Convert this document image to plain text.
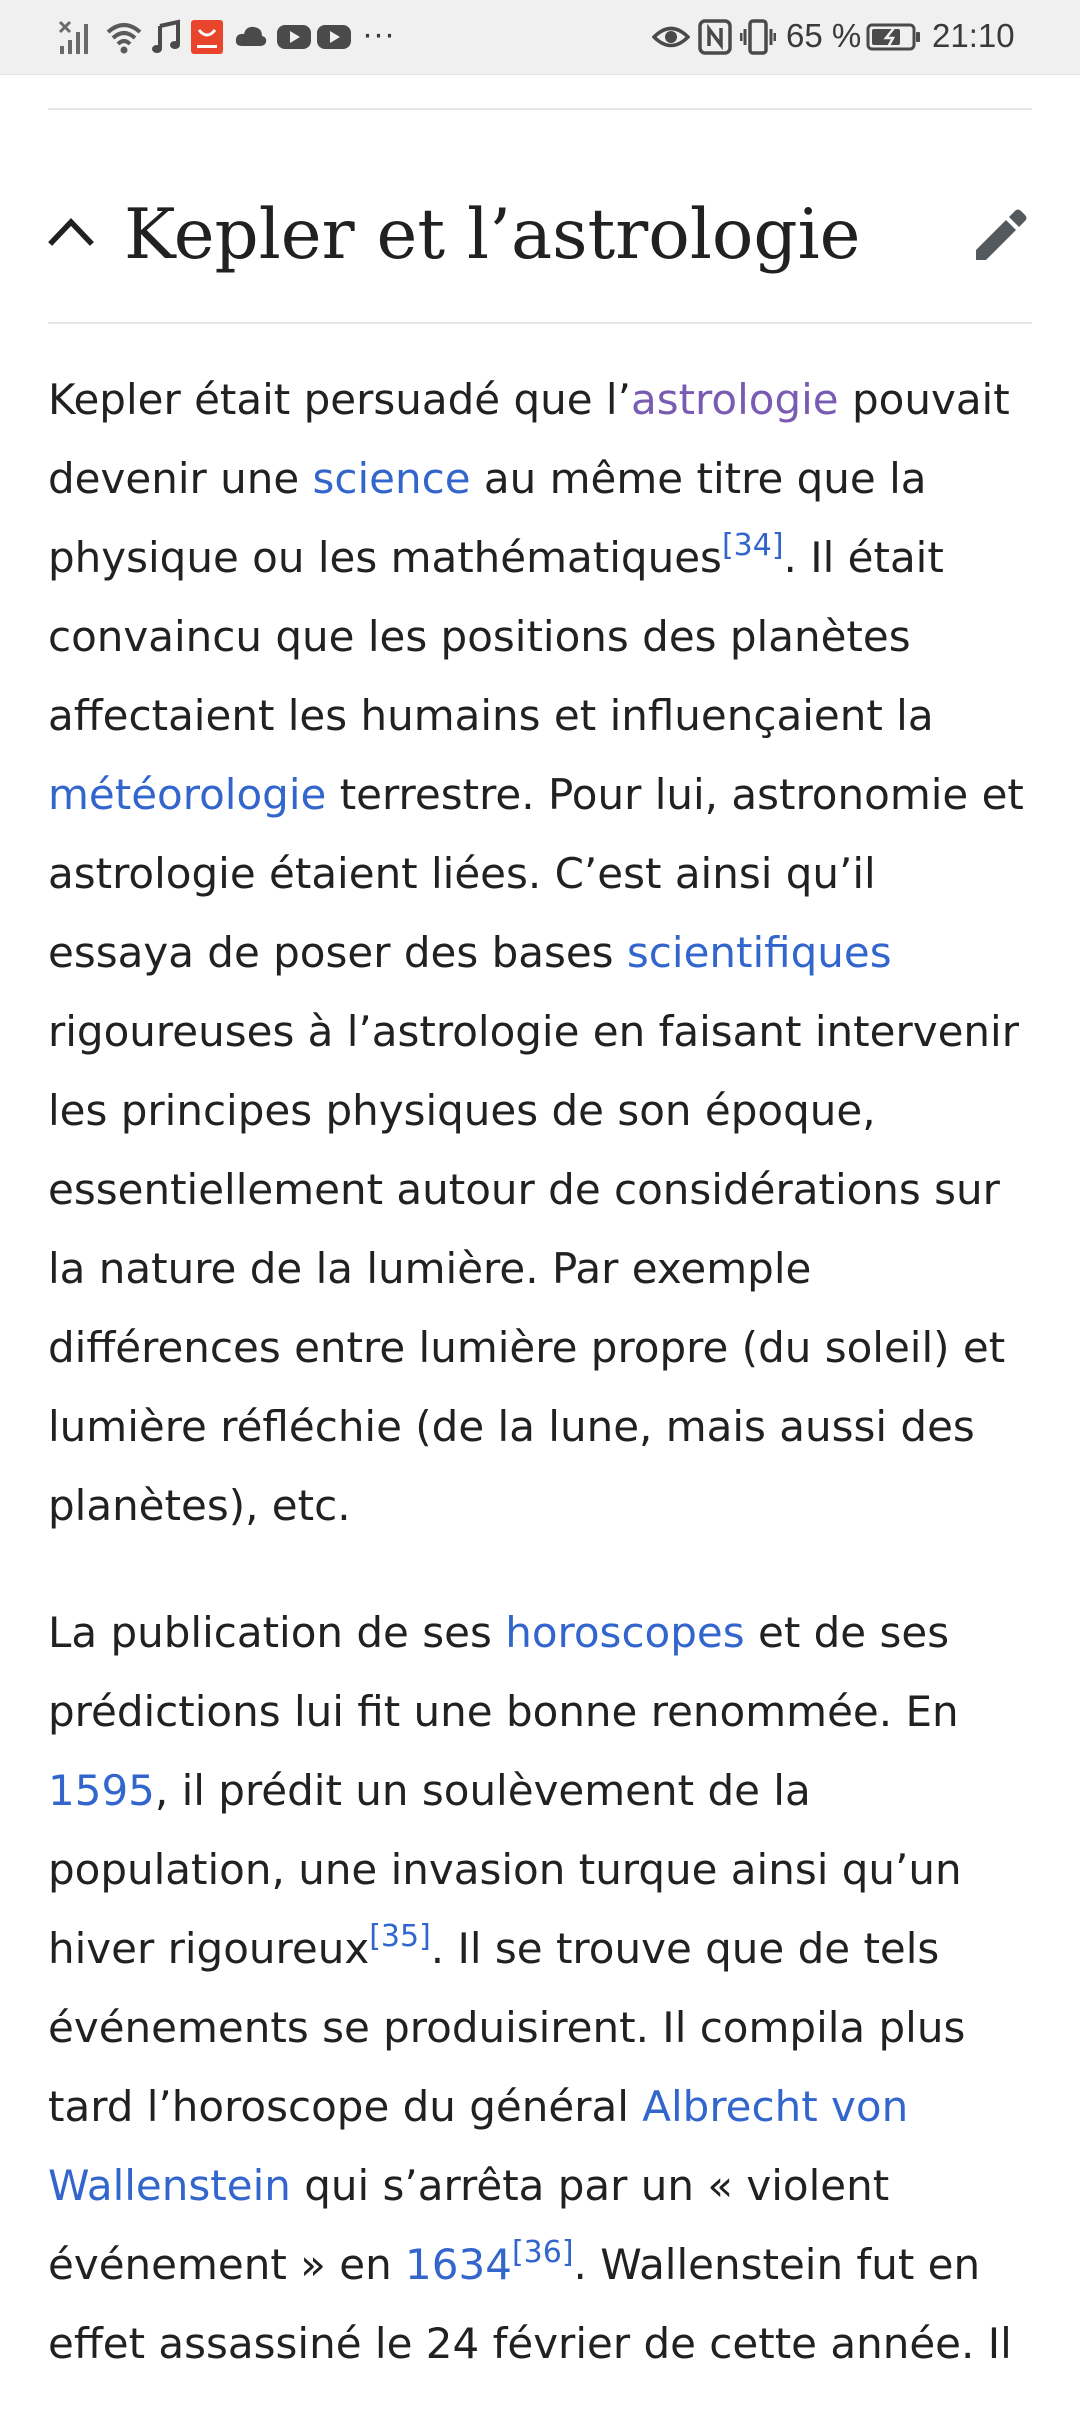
···	65 % 21:10
Kepler et l’astrologie

Kepler était persuadé que l’astrologie pouvait
devenir une science au même titre que la
physique ou les mathématiques[34]. Il était
convaincu que les positions des planètes
affectaient les humains et influençaient la
météorologie terrestre. Pour lui, astronomie et
astrologie étaient liées. C’est ainsi qu’il
essaya de poser des bases scientifiques
rigoureuses à l’astrologie en faisant intervenir
les principes physiques de son époque,
essentiellement autour de considérations sur
la nature de la lumière. Par exemple
différences entre lumière propre (du soleil) et
lumière réfléchie (de la lune, mais aussi des
planètes), etc.

La publication de ses horoscopes et de ses
prédictions lui fit une bonne renommée. En
1595, il prédit un soulèvement de la
population, une invasion turque ainsi qu’un
hiver rigoureux[35]. Il se trouve que de tels
événements se produisirent. Il compila plus
tard l’horoscope du général Albrecht von
Wallenstein qui s’arrêta par un « violent
événement » en 1634[36]. Wallenstein fut en
effet assassiné le 24 février de cette année. Il
